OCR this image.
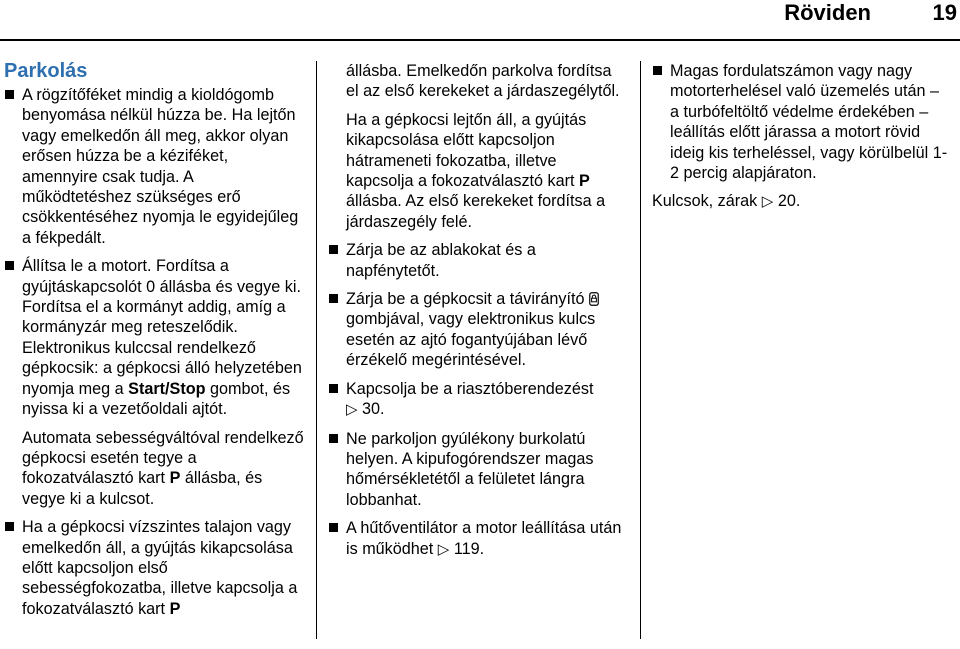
Röviden	19
Parkolás
A rögzítőféket mindig a kioldógomb benyomása nélkül húzza be. Ha lejtőn vagy emelkedőn áll meg, akkor olyan erősen húzza be a kéziféket, amennyire csak tudja. A működtetéshez szükséges erő csökkentéséhez nyomja le egyidejűleg a fékpedált.
Állítsa le a motort. Fordítsa a gyújtáskapcsolót 0 állásba és vegye ki. Fordítsa el a kormányt addig, amíg a kormányzár meg reteszelődik. Elektronikus kulccsal rendelkező gépkocsik: a gépkocsi álló helyzetében nyomja meg a Start/Stop gombot, és nyissa ki a vezetőoldali ajtót.
Automata sebességváltóval rendelkező gépkocsi esetén tegye a fokozatválasztó kart P állásba, és vegye ki a kulcsot.
Ha a gépkocsi vízszintes talajon vagy emelkedőn áll, a gyújtás kikapcsolása előtt kapcsoljon első sebességfokozatba, illetve kapcsolja a fokozatválasztó kart P
állásba. Emelkedőn parkolva fordítsa el az első kerekeket a járdaszegélytől.
Ha a gépkocsi lejtőn áll, a gyújtás kikapcsolása előtt kapcsoljon hátrameneti fokozatba, illetve kapcsolja a fokozatválasztó kart P állásba. Az első kerekeket fordítsa a járdaszegély felé.
Zárja be az ablakokat és a napfénytetőt.
Zárja be a gépkocsit a távirányító  gombjával, vagy elektronikus kulcs esetén az ajtó fogantyújában lévő érzékelő megérintésével.
Kapcsolja be a riasztóberendezést
▷ 30.
Ne parkoljon gyúlékony burkolatú helyen. A kipufogórendszer magas hőmérsékletétől a felületet lángra lobbanhat.
A hűtőventilátor a motor leállítása után is működhet ▷ 119.
Magas fordulatszámon vagy nagy motorterhelésel való üzemelés után – a turbófeltöltő védelme érdekében – leállítás előtt járassa a motort rövid ideig kis terheléssel, vagy körülbelül 1-2 percig alapjáraton.
Kulcsok, zárak ▷ 20.
